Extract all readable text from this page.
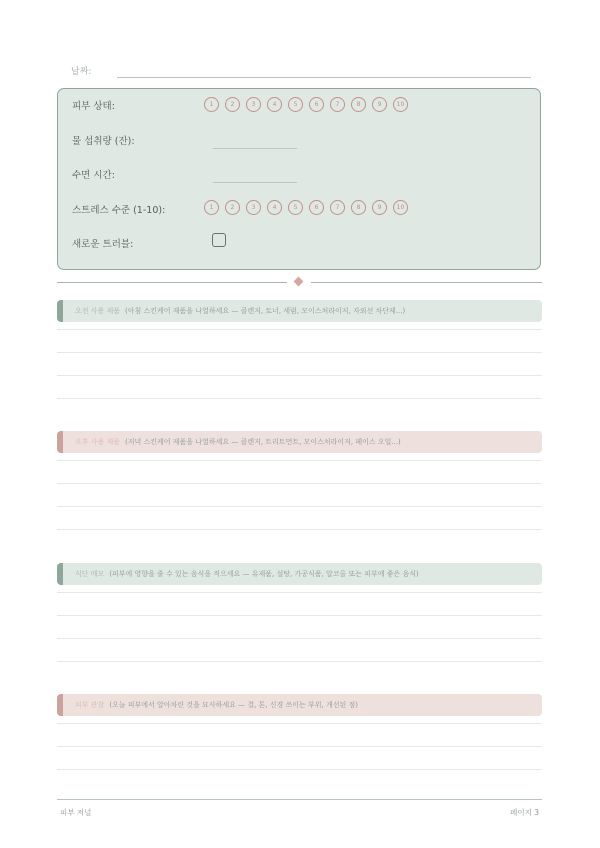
날짜:
피부 상태:	1	2	3	4	5	6	7	8	9	10
물 섭취량 (잔):
수면 시간:
스트레스 수준 (1-10):	1	2	3	4	5	6	7	8	9	10
새로운 트러블:
오전 사용 제품 (아침 스킨케어 제품을 나열하세요 — 클렌저, 토너, 세럼, 모이스처라이저, 자외선 차단제...)
오후 사용 제품 (저녁 스킨케어 제품을 나열하세요 — 클렌저, 트리트먼트, 모이스처라이저, 페이스 오일...)
식단 메모 (피부에 영향을 줄 수 있는 음식을 적으세요 — 유제품, 설탕, 가공식품, 알코올 또는 피부에 좋은 음식)
피부 관찰 (오늘 피부에서 알아차린 것을 묘사하세요 — 결, 톤, 신경 쓰이는 부위, 개선된 점)
피부 저널	페이지 3
